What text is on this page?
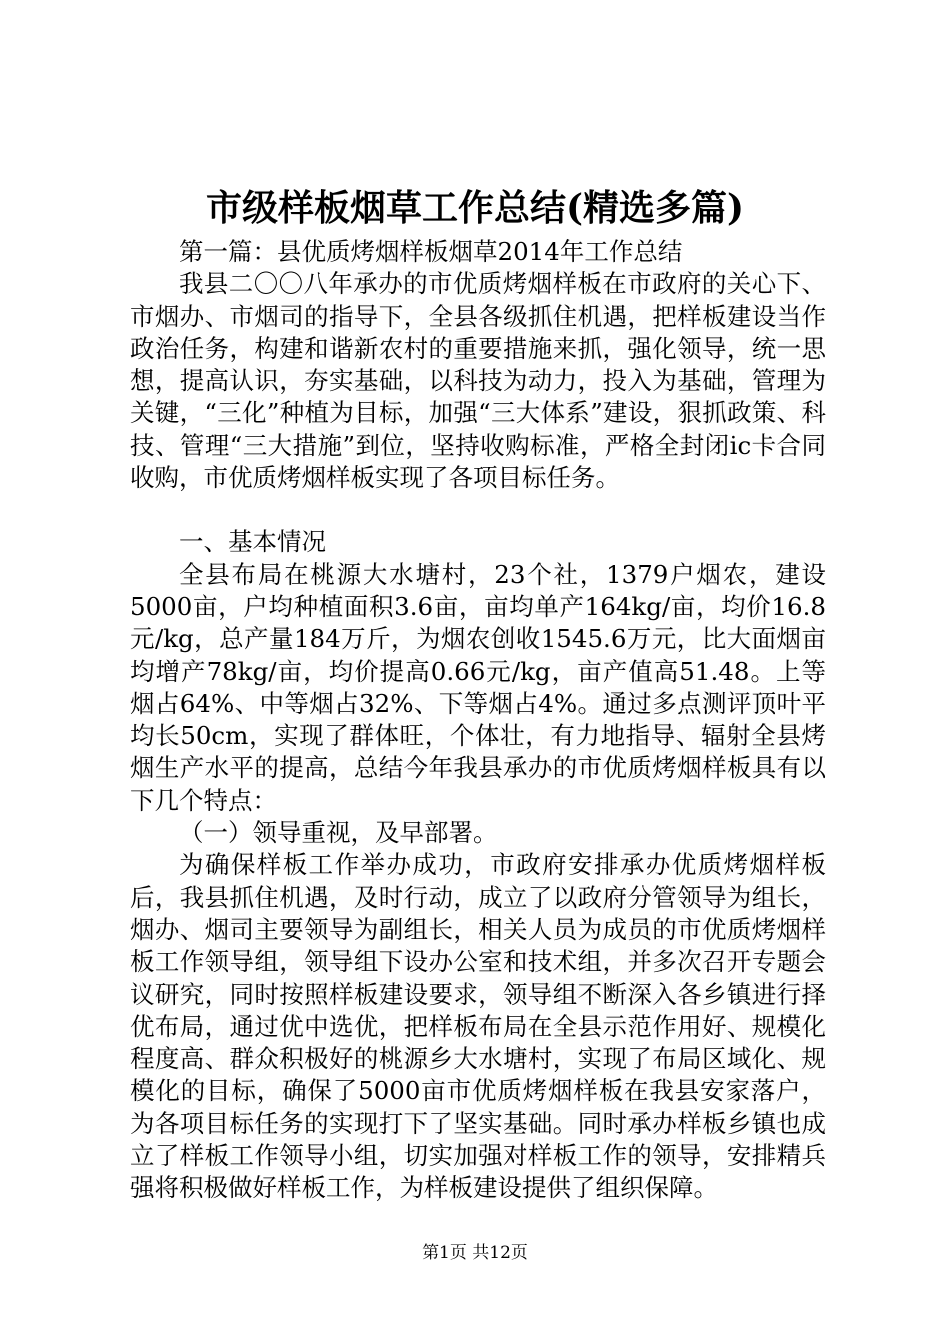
市级样板烟草工作总结(精选多篇)

第一篇：县优质烤烟样板烟草2014年工作总结

我县二〇〇八年承办的市优质烤烟样板在市政府的关心下、市烟办、市烟司的指导下，全县各级抓住机遇，把样板建设当作政治任务，构建和谐新农村的重要措施来抓，强化领导，统一思想，提高认识，夯实基础，以科技为动力，投入为基础，管理为关键，“三化”种植为目标，加强“三大体系”建设，狠抓政策、科技、管理“三大措施”到位，坚持收购标准，严格全封闭ic卡合同收购，市优质烤烟样板实现了各项目标任务。

一、基本情况

全县布局在桃源大水塘村，23个社，1379户烟农，建设5000亩，户均种植面积3.6亩，亩均单产164kg/亩，均价16.8元/kg，总产量184万斤，为烟农创收1545.6万元，比大面烟亩均增产78kg/亩，均价提高0.66元/kg，亩产值高51.48。上等烟占64%、中等烟占32%、下等烟占4%。通过多点测评顶叶平均长50cm，实现了群体旺，个体壮，有力地指导、辐射全县烤烟生产水平的提高，总结今年我县承办的市优质烤烟样板具有以下几个特点：

（一）领导重视，及早部署。

为确保样板工作举办成功，市政府安排承办优质烤烟样板后，我县抓住机遇，及时行动，成立了以政府分管领导为组长，烟办、烟司主要领导为副组长，相关人员为成员的市优质烤烟样板工作领导组，领导组下设办公室和技术组，并多次召开专题会议研究，同时按照样板建设要求，领导组不断深入各乡镇进行择优布局，通过优中选优，把样板布局在全县示范作用好、规模化程度高、群众积极好的桃源乡大水塘村，实现了布局区域化、规模化的目标，确保了5000亩市优质烤烟样板在我县安家落户，为各项目标任务的实现打下了坚实基础。同时承办样板乡镇也成立了样板工作领导小组，切实加强对样板工作的领导，安排精兵强将积极做好样板工作，为样板建设提供了组织保障。

第1页 共12页
